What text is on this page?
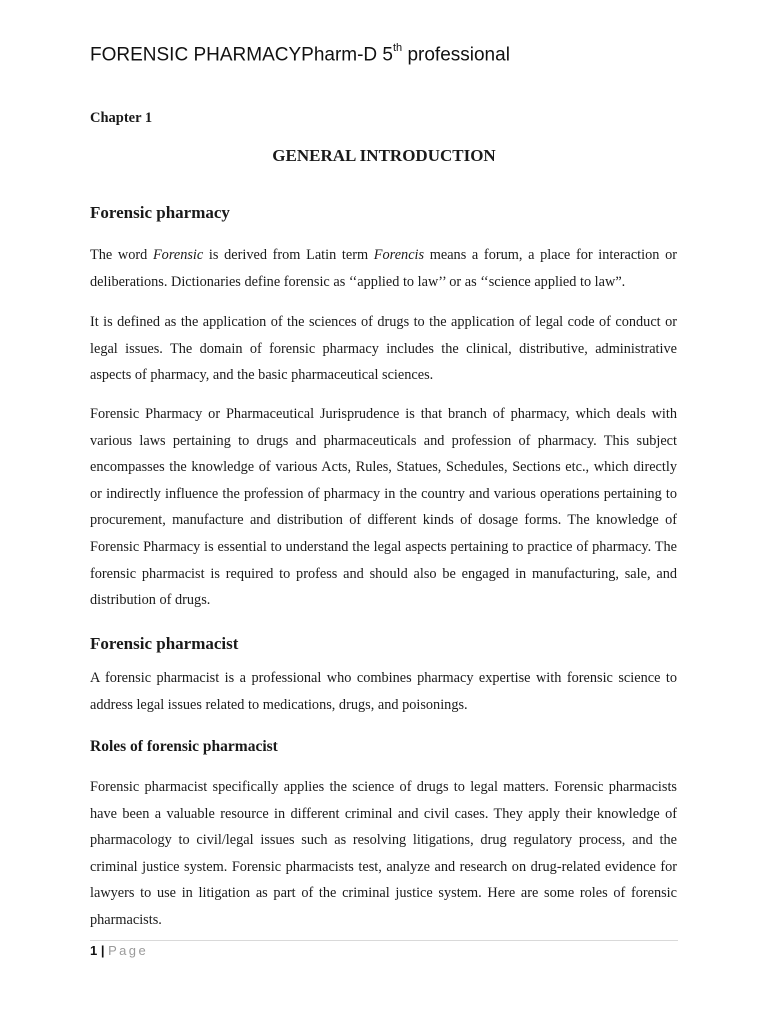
FORENSIC PHARMACYPharm-D 5th professional
Chapter 1
GENERAL INTRODUCTION
Forensic pharmacy

The word Forensic is derived from Latin term Forencis means a forum, a place for interaction or deliberations. Dictionaries define forensic as ‘‘applied to law’’ or as ‘‘science applied to law”.

It is defined as the application of the sciences of drugs to the application of legal code of conduct or legal issues. The domain of forensic pharmacy includes the clinical, distributive, administrative aspects of pharmacy, and the basic pharmaceutical sciences.

Forensic Pharmacy or Pharmaceutical Jurisprudence is that branch of pharmacy, which deals with various laws pertaining to drugs and pharmaceuticals and profession of pharmacy. This subject encompasses the knowledge of various Acts, Rules, Statues, Schedules, Sections etc., which directly or indirectly influence the profession of pharmacy in the country and various operations pertaining to procurement, manufacture and distribution of different kinds of dosage forms. The knowledge of Forensic Pharmacy is essential to understand the legal aspects pertaining to practice of pharmacy. The forensic pharmacist is required to profess and should also be engaged in manufacturing, sale, and distribution of drugs.

Forensic pharmacist

A forensic pharmacist is a professional who combines pharmacy expertise with forensic science to address legal issues related to medications, drugs, and poisonings.

Roles of forensic pharmacist

Forensic pharmacist specifically applies the science of drugs to legal matters. Forensic pharmacists have been a valuable resource in different criminal and civil cases. They apply their knowledge of pharmacology to civil/legal issues such as resolving litigations, drug regulatory process, and the criminal justice system. Forensic pharmacists test, analyze and research on drug-related evidence for lawyers to use in litigation as part of the criminal justice system. Here are some roles of forensic pharmacists.

1 | Page
